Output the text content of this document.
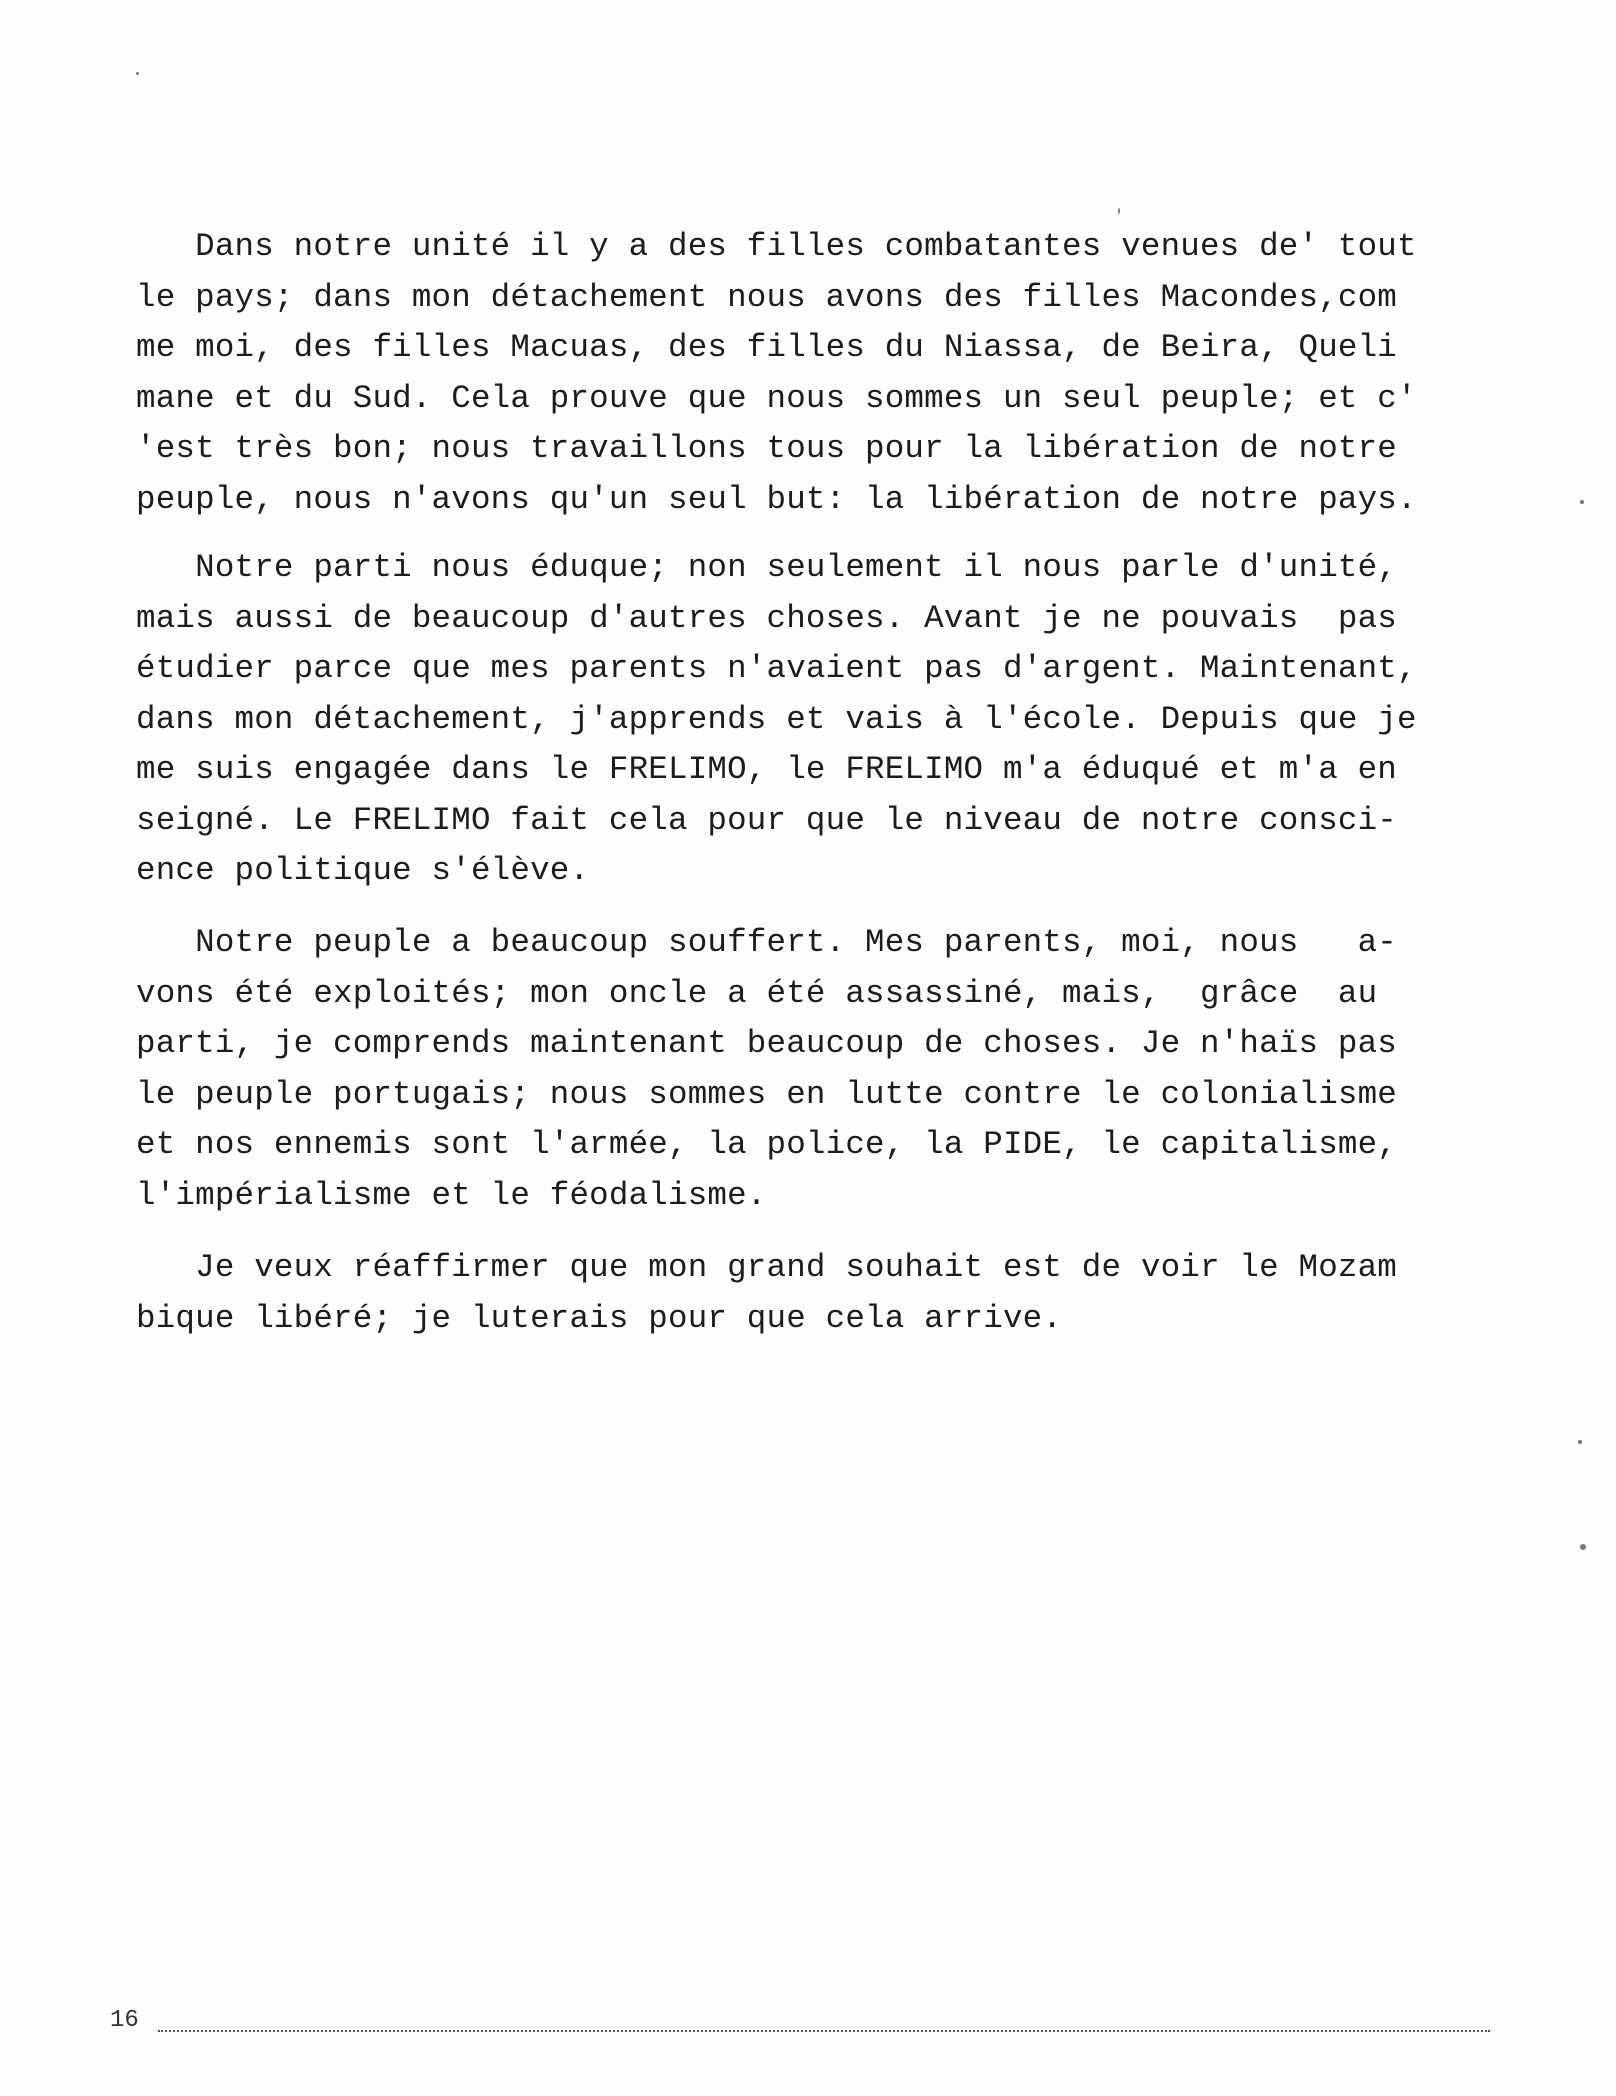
Dans notre unité il y a des filles combatantes venues de' tout
le pays; dans mon détachement nous avons des filles Macondes,com
me moi, des filles Macuas, des filles du Niassa, de Beira, Queli
mane et du Sud. Cela prouve que nous sommes un seul peuple; et c'
'est très bon; nous travaillons tous pour la libération de notre
peuple, nous n'avons qu'un seul but: la libération de notre pays.

Notre parti nous éduque; non seulement il nous parle d'unité,
mais aussi de beaucoup d'autres choses. Avant je ne pouvais  pas
étudier parce que mes parents n'avaient pas d'argent. Maintenant,
dans mon détachement, j'apprends et vais à l'école. Depuis que je
me suis engagée dans le FRELIMO, le FRELIMO m'a éduqué et m'a en
seigné. Le FRELIMO fait cela pour que le niveau de notre consci-
ence politique s'élève.

Notre peuple a beaucoup souffert. Mes parents, moi, nous   a-
vons été exploités; mon oncle a été assassiné, mais,  grâce  au
parti, je comprends maintenant beaucoup de choses. Je n'haïs pas
le peuple portugais; nous sommes en lutte contre le colonialisme
et nos ennemis sont l'armée, la police, la PIDE, le capitalisme,
l'impérialisme et le féodalisme.

Je veux réaffirmer que mon grand souhait est de voir le Mozam
bique libéré; je luterais pour que cela arrive.

16
